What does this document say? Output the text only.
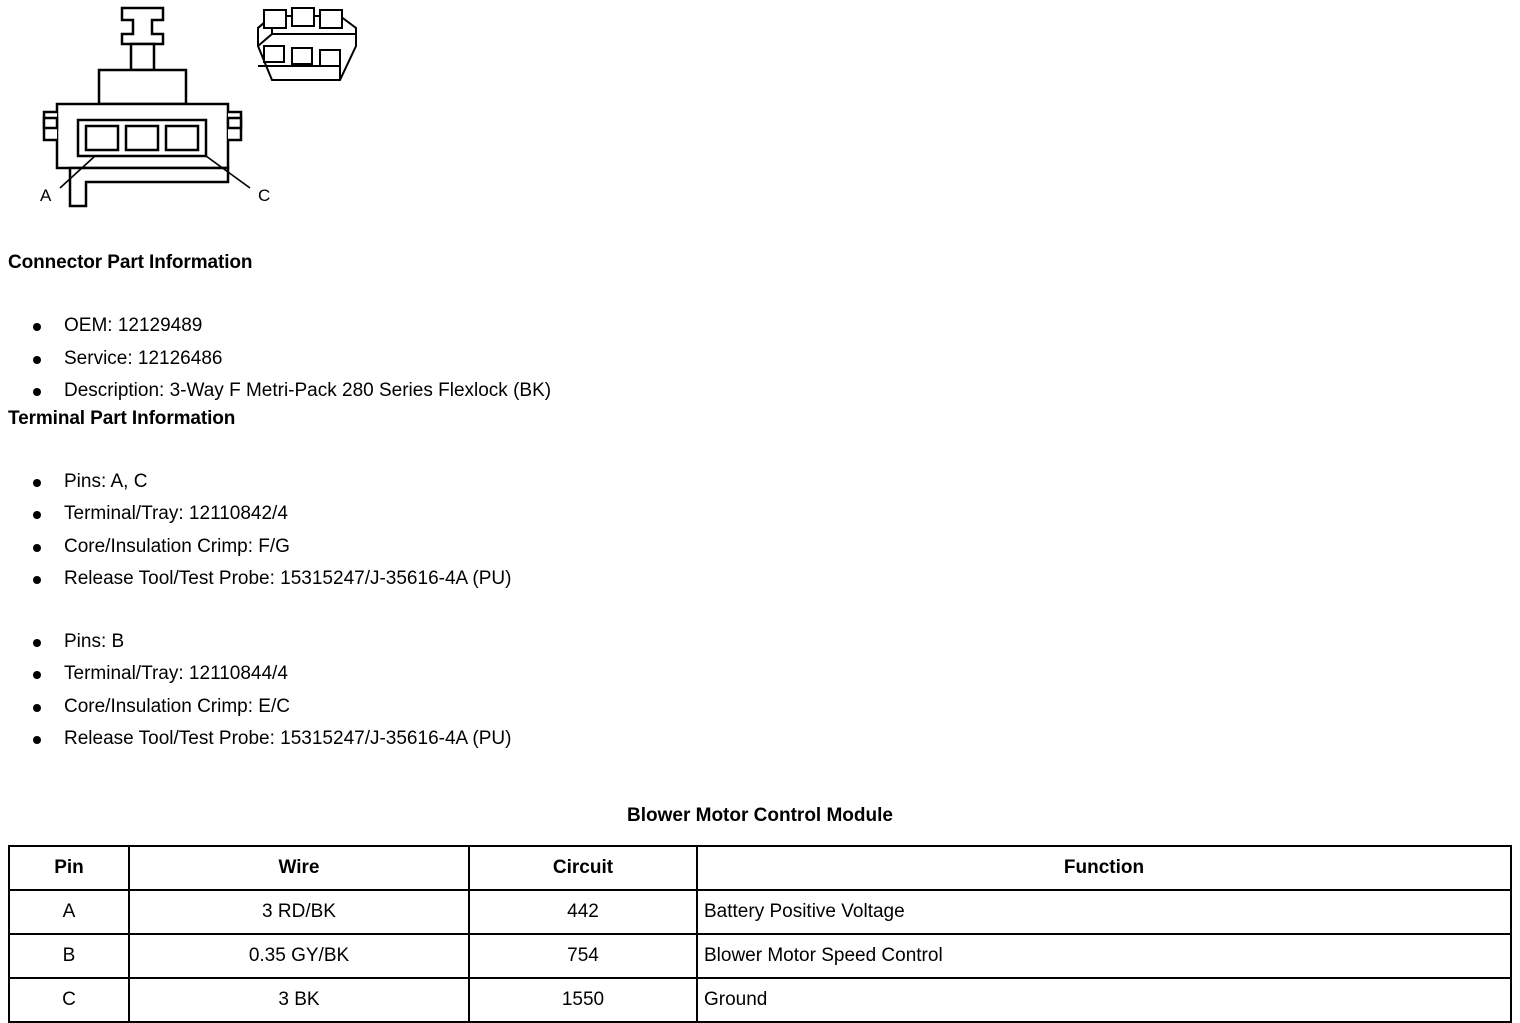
A	C
Connector Part Information
OEM: 12129489
Service: 12126486
Description: 3-Way F Metri-Pack 280 Series Flexlock (BK)
Terminal Part Information
Pins: A, C
Terminal/Tray: 12110842/4
Core/Insulation Crimp: F/G
Release Tool/Test Probe: 15315247/J-35616-4A (PU)
Pins: B
Terminal/Tray: 12110844/4
Core/Insulation Crimp: E/C
Release Tool/Test Probe: 15315247/J-35616-4A (PU)
Blower Motor Control Module
Pin	Wire	Circuit	Function
A	3 RD/BK	442	Battery Positive Voltage
B	0.35 GY/BK	754	Blower Motor Speed Control
C	3 BK	1550	Ground
